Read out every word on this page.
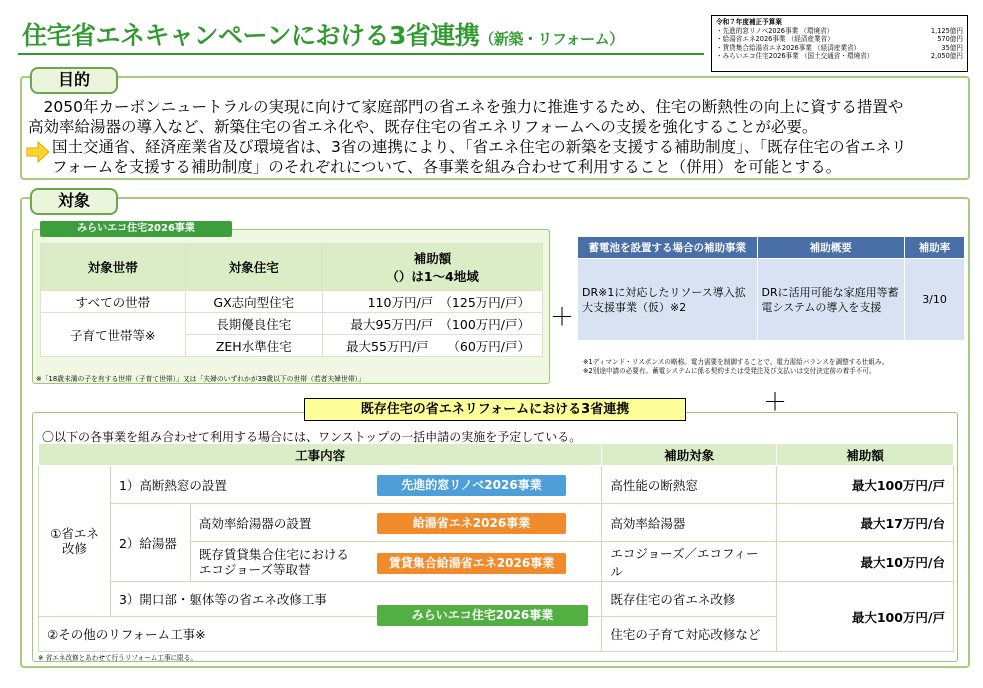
住宅省エネキャンペーンにおける3省連携（新築・リフォーム）
令和７年度補正予算案
・先進的窓リノベ2026事業 （環境省）	1,125億円
・給湯省エネ2026事業 （経済産業省）	570億円
・賃貸集合給湯省エネ2026事業 （経済産業省）	35億円
・みらいエコ住宅2026事業 （国土交通省・環境省）	2,050億円
目的
　2050年カーボンニュートラルの実現に向けて家庭部門の省エネを強力に推進するため、住宅の断熱性の向上に資する措置や
高効率給湯器の導入など、新築住宅の省エネ化や、既存住宅の省エネリフォームへの支援を強化することが必要。
国土交通省、経済産業省及び環境省は、3省の連携により、「省エネ住宅の新築を支援する補助制度」、「既存住宅の省エネリ
フォームを支援する補助制度」のそれぞれについて、各事業を組み合わせて利用すること（併用）を可能とする。
対象
みらいエコ住宅2026事業
対象世帯	対象住宅	補助額
（）は1～4地域

すべての世帯	GX志向型住宅	110万円/戸　（125万円/戸）
子育て世帯等※	長期優良住宅	最大95万円/戸　（100万円/戸）
	ZEH水準住宅	最大55万円/戸　　（60万円/戸）
※「18歳未満の子を有する世帯（子育て世帯）」又は「夫婦のいずれかが39歳以下の世帯（若者夫婦世帯）」
＋
蓄電池を設置する場合の補助事業	補助概要	補助率
DR※1に対応したリソース導入拡大支援事業（仮）※2	DRに活用可能な家庭用等蓄電システムの導入を支援	3/10
※1ディマンド・リスポンスの略称。電力需要を制御することで、電力需給バランスを調整する仕組み。
※2別途申請の必要有。蓄電システムに係る契約または受発注及び支払いは交付決定前の着手不可。
＋
既存住宅の省エネリフォームにおける3省連携
〇以下の各事業を組み合わせて利用する場合には、ワンストップの一括申請の実施を予定している。
工事内容			補助対象	補助額
①省エネ改修	1）高断熱窓の設置		高性能の断熱窓	最大100万円/戸
	2）給湯器	高効率給湯器の設置	高効率給湯器	最大17万円/台

		既存賃貸集合住宅における
エコジョーズ等取替	エコジョーズ／エコフィール	最大10万円/台
	3）開口部・躯体等の省エネ改修工事		既存住宅の省エネ改修	最大100万円/戸
②その他のリフォーム工事※			住宅の子育て対応改修など	
先進的窓リノベ2026事業
給湯省エネ2026事業
賃貸集合給湯省エネ2026事業
みらいエコ住宅2026事業
※ 省エネ改修とあわせて行うリフォーム工事に限る。
